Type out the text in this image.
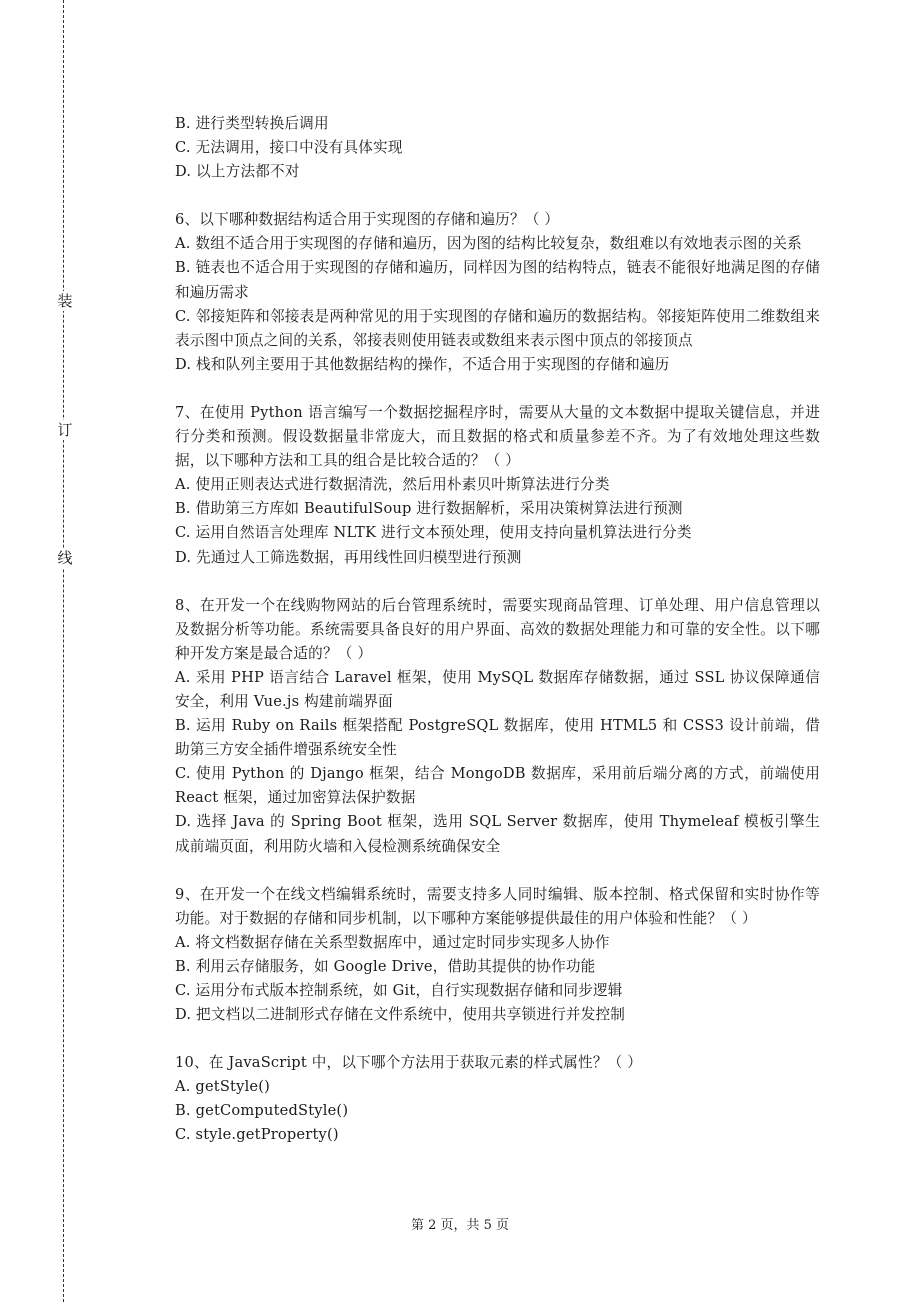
装
订
线

B. 进行类型转换后调用

C. 无法调用，接口中没有具体实现

D. 以上方法都不对

6、以下哪种数据结构适合用于实现图的存储和遍历？（ ）

A. 数组不适合用于实现图的存储和遍历，因为图的结构比较复杂，数组难以有效地表示图的关系

B. 链表也不适合用于实现图的存储和遍历，同样因为图的结构特点，链表不能很好地满足图的存储和遍历需求

C. 邻接矩阵和邻接表是两种常见的用于实现图的存储和遍历的数据结构。邻接矩阵使用二维数组来表示图中顶点之间的关系，邻接表则使用链表或数组来表示图中顶点的邻接顶点

D. 栈和队列主要用于其他数据结构的操作，不适合用于实现图的存储和遍历

7、在使用 Python 语言编写一个数据挖掘程序时，需要从大量的文本数据中提取关键信息，并进行分类和预测。假设数据量非常庞大，而且数据的格式和质量参差不齐。为了有效地处理这些数据，以下哪种方法和工具的组合是比较合适的？（ ）

A. 使用正则表达式进行数据清洗，然后用朴素贝叶斯算法进行分类

B. 借助第三方库如 BeautifulSoup 进行数据解析，采用决策树算法进行预测

C. 运用自然语言处理库 NLTK 进行文本预处理，使用支持向量机算法进行分类

D. 先通过人工筛选数据，再用线性回归模型进行预测

8、在开发一个在线购物网站的后台管理系统时，需要实现商品管理、订单处理、用户信息管理以及数据分析等功能。系统需要具备良好的用户界面、高效的数据处理能力和可靠的安全性。以下哪种开发方案是最合适的？（ ）

A. 采用 PHP 语言结合 Laravel 框架，使用 MySQL 数据库存储数据，通过 SSL 协议保障通信安全，利用 Vue.js 构建前端界面

B. 运用 Ruby on Rails 框架搭配 PostgreSQL 数据库，使用 HTML5 和 CSS3 设计前端，借助第三方安全插件增强系统安全性

C. 使用 Python 的 Django 框架，结合 MongoDB 数据库，采用前后端分离的方式，前端使用 React 框架，通过加密算法保护数据

D. 选择 Java 的 Spring Boot 框架，选用 SQL Server 数据库，使用 Thymeleaf 模板引擎生成前端页面，利用防火墙和入侵检测系统确保安全

9、在开发一个在线文档编辑系统时，需要支持多人同时编辑、版本控制、格式保留和实时协作等功能。对于数据的存储和同步机制，以下哪种方案能够提供最佳的用户体验和性能？（ ）

A. 将文档数据存储在关系型数据库中，通过定时同步实现多人协作

B. 利用云存储服务，如 Google Drive，借助其提供的协作功能

C. 运用分布式版本控制系统，如 Git，自行实现数据存储和同步逻辑

D. 把文档以二进制形式存储在文件系统中，使用共享锁进行并发控制

10、在 JavaScript 中，以下哪个方法用于获取元素的样式属性？（ ）

A. getStyle()

B. getComputedStyle()

C. style.getProperty()

第 2 页，共 5 页
